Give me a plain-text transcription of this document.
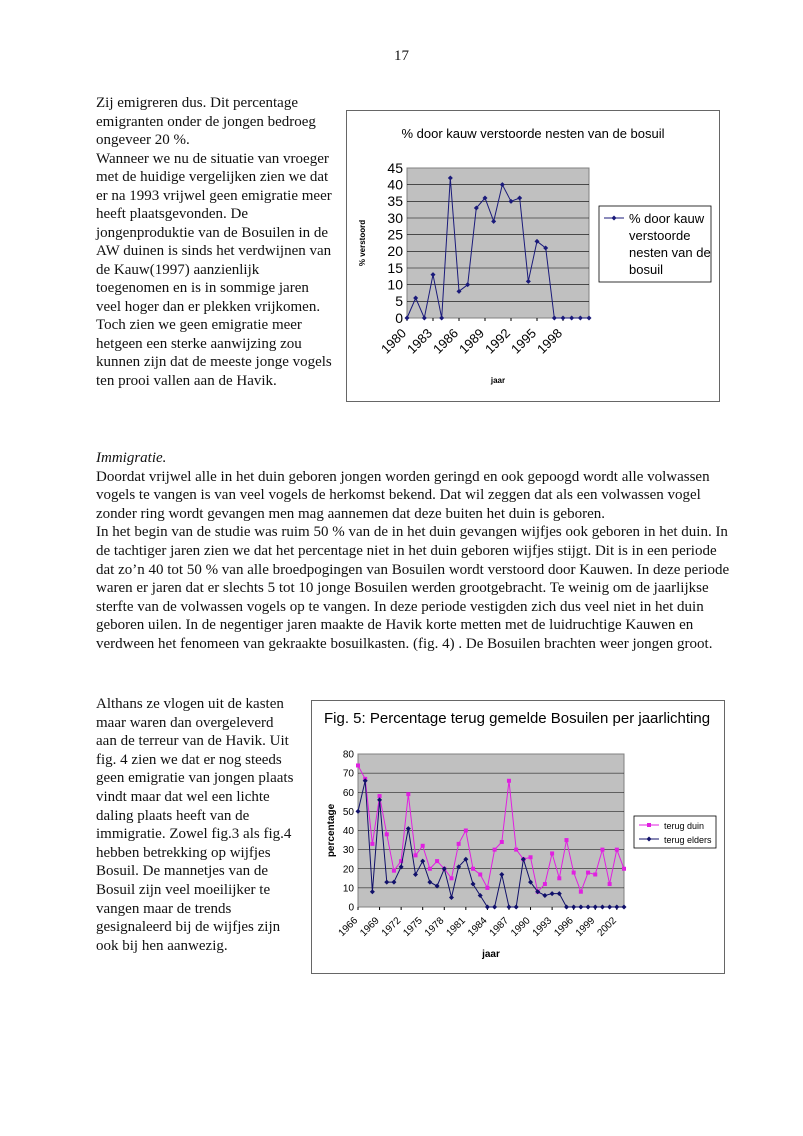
17

Zij emigreren dus. Dit percentage emigranten onder de jongen bedroeg ongeveer 20 %.

Wanneer we nu de situatie van vroeger met de huidige vergelijken zien we dat er na 1993 vrijwel geen emigratie meer heeft plaatsgevonden. De jongenproduktie van de Bosuilen in de AW duinen is sinds het verdwijnen van de Kauw(1997) aanzienlijk toegenomen en is in sommige jaren veel hoger dan er plekken vrijkomen. Toch zien we geen emigratie meer hetgeen een sterke aanwijzing zou kunnen zijn dat de meeste jonge vogels ten prooi vallen aan de Havik.

% door kauw verstoorde nesten van de bosuil
0
5
10
15
20
25
30
35
40
45
1980
1983
1986
1989
1992
1995
1998
jaar
% verstoord
% door kauw
verstoorde
nesten van de
bosuil

Immigratie.

Doordat vrijwel alle in het duin geboren jongen worden geringd en ook gepoogd wordt alle volwassen vogels te vangen is van veel vogels de herkomst bekend. Dat wil zeggen dat als een volwassen vogel zonder ring wordt gevangen men mag aannemen dat deze buiten het duin is geboren.

In het begin van de studie was ruim 50 % van de in het duin gevangen wijfjes ook geboren in het duin. In de tachtiger jaren zien we dat het percentage niet in het duin geboren wijfjes stijgt. Dit is in een periode dat zo’n 40 tot 50 % van alle broedpogingen van Bosuilen wordt verstoord door Kauwen. In deze periode waren er jaren dat er slechts 5 tot 10 jonge Bosuilen werden grootgebracht. Te weinig om de jaarlijkse sterfte van de volwassen vogels op te vangen. In deze periode vestigden zich dus veel niet in het duin geboren uilen. In de negentiger jaren maakte de Havik korte metten met de luidruchtige Kauwen en verdween het fenomeen van gekraakte bosuilkasten. (fig. 4) . De Bosuilen brachten weer jongen groot.

Althans ze vlogen uit de kasten maar waren dan overgeleverd aan de terreur van de Havik. Uit fig. 4 zien we dat er nog steeds geen emigratie van jongen plaats vindt maar dat wel een lichte daling plaats heeft van de immigratie. Zowel fig.3 als fig.4 hebben betrekking op wijfjes Bosuil. De mannetjes van de Bosuil zijn veel moeilijker te vangen maar de trends gesignaleerd bij de wijfjes zijn ook bij hen aanwezig.

Fig. 5: Percentage terug gemelde Bosuilen per jaarlichting
0
10
20
30
40
50
60
70
80
1966
1969
1972
1975
1978
1981
1984
1987
1990
1993
1996
1999
2002
jaar
percentage	terug duin
terug elders
